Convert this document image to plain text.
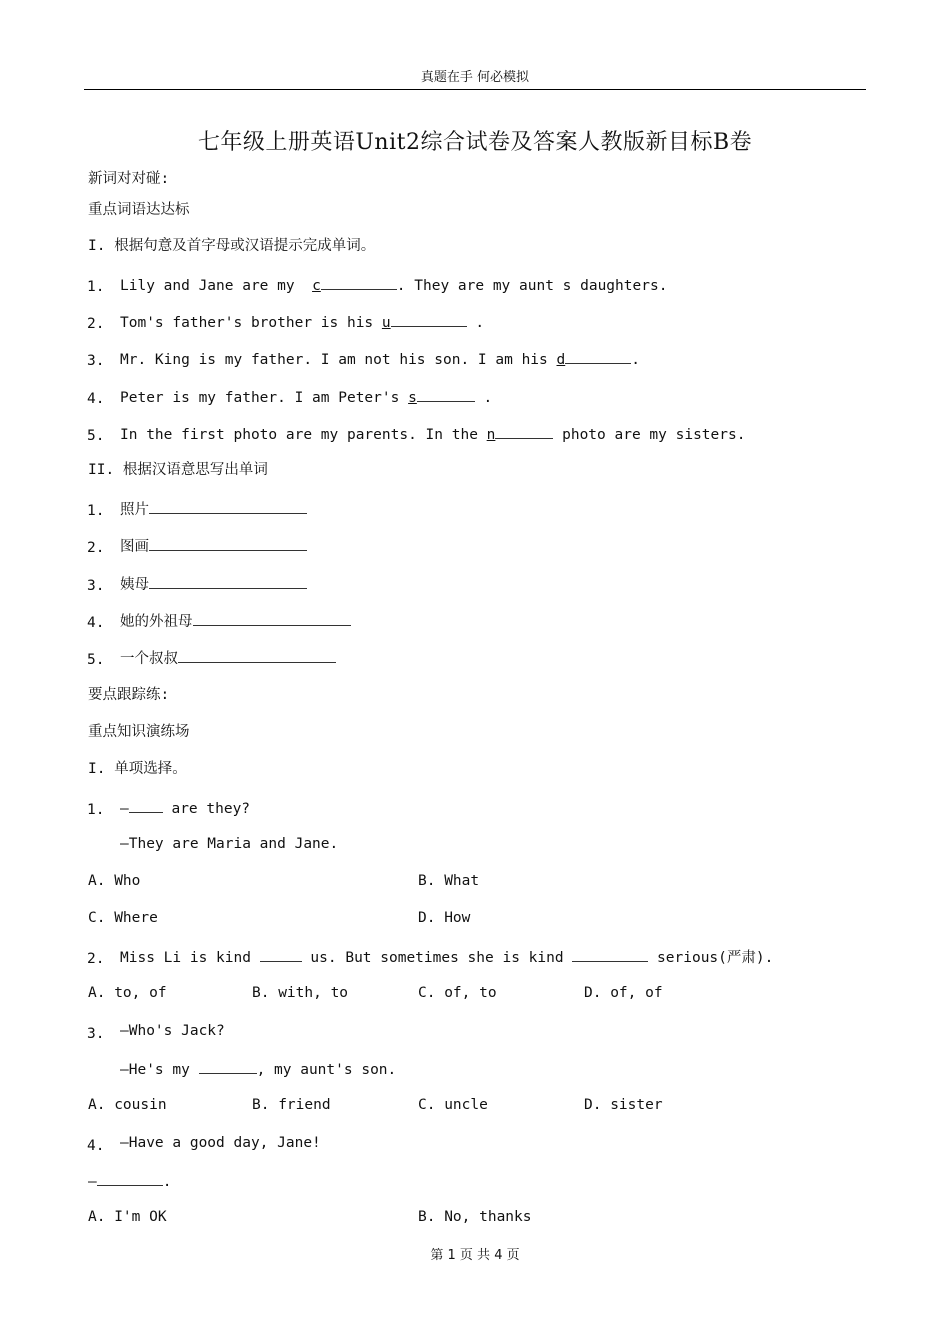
真题在手 何必模拟
七年级上册英语Unit2综合试卷及答案人教版新目标B卷
新词对对碰:
重点词语达达标
I. 根据句意及首字母或汉语提示完成单词。
1. Lily and Jane are my  c	. They are my aunt s daughters.
2. Tom's father's brother is his u	.
3. Mr. King is my father. I am not his son. I am his d	.
4. Peter is my father. I am Peter's s	.
5. In the first photo are my parents. In the n	photo are my sisters.
II. 根据汉语意思写出单词
1. 照片
2. 图画
3. 姨母
4. 她的外祖母
5. 一个叔叔
要点跟踪练:
重点知识演练场
I. 单项选择。
1. — are they?
—They are Maria and Jane.
A. Who	B. What
C. Where	D. How
2. Miss Li is kind	us. But sometimes she is kind	serious(严肃).
A. to, of	B. with, to	C. of, to	D. of, of
3. —Who's Jack?
—He's my	, my aunt's son.
A. cousin	B. friend	C. uncle	D. sister
4. —Have a good day, Jane!
—	.
A. I'm OK	B. No, thanks
第 1 页 共 4 页
